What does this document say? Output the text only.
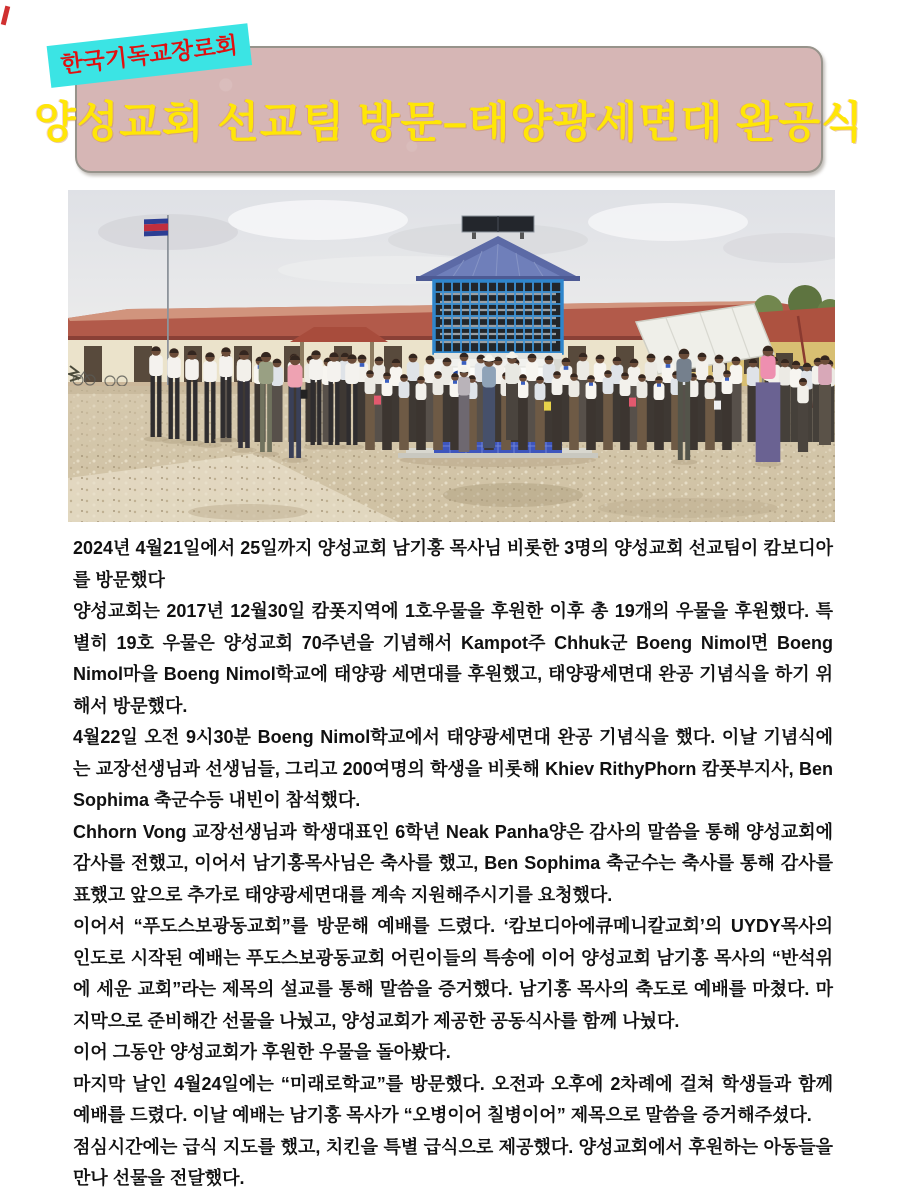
양성교회 선교팀 방문–태양광세면대 완공식
한국기독교장로회

2024년 4월21일에서 25일까지 양성교회 남기홍 목사님 비롯한 3명의 양성교회 선교팀이 캄보디아를 방문했다

양성교회는 2017년 12월30일 캄폿지역에 1호우물을 후원한 이후 총 19개의 우물을 후원했다. 특별히 19호 우물은 양성교회 70주년을 기념해서 Kampot주 Chhuk군 Boeng Nimol면 Boeng Nimol마을 Boeng Nimol학교에 태양광 세면대를 후원했고, 태양광세면대 완공 기념식을 하기 위해서 방문했다.

4월22일 오전 9시30분 Boeng Nimol학교에서 태양광세면대 완공 기념식을 했다. 이날 기념식에는 교장선생님과 선생님들, 그리고 200여명의 학생을 비롯해 Khiev RithyPhorn 캄폿부지사, Ben Sophima 축군수등 내빈이 참석했다.

Chhorn Vong 교장선생님과 학생대표인 6학년 Neak Panha양은 감사의 말씀을 통해 양성교회에 감사를 전했고, 이어서 남기홍목사님은 축사를 했고, Ben Sophima 축군수는 축사를 통해 감사를 표했고 앞으로 추가로 태양광세면대를 계속 지원해주시기를 요청했다.

이어서 “푸도스보광동교회”를 방문해 예배를 드렸다. ‘캄보디아에큐메니칼교회’의 UYDY목사의 인도로 시작된 예배는 푸도스보광동교회 어린이들의 특송에 이어 양성교회 남기홍 목사의 “반석위에 세운 교회”라는 제목의 설교를 통해 말씀을 증거했다. 남기홍 목사의 축도로 예배를 마쳤다. 마지막으로 준비해간 선물을 나눴고, 양성교회가 제공한 공동식사를 함께 나눴다.

이어 그동안 양성교회가 후원한 우물을 돌아봤다.

마지막 날인 4월24일에는 “미래로학교”를 방문했다. 오전과 오후에 2차례에 걸쳐 학생들과 함께 예배를 드렸다. 이날 예배는 남기홍 목사가 “오병이어 칠병이어” 제목으로 말씀을 증거해주셨다.

점심시간에는 급식 지도를 했고, 치킨을 특별 급식으로 제공했다. 양성교회에서 후원하는 아동들을 만나 선물을 전달했다.
